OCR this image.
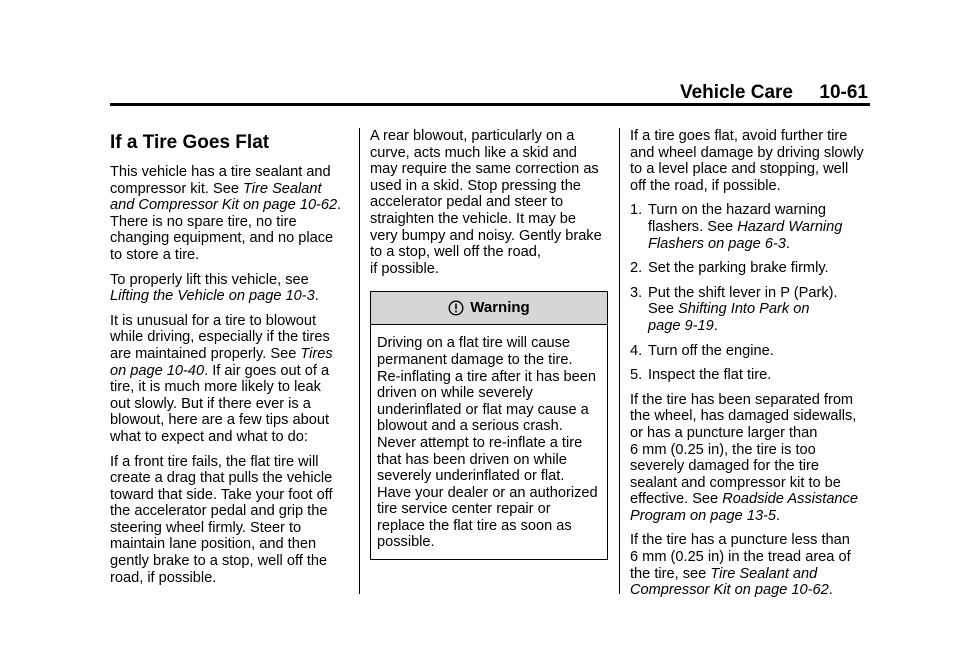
Vehicle Care 10-61
If a Tire Goes Flat

This vehicle has a tire sealant and
compressor kit. See Tire Sealant
and Compressor Kit on page 10-62.
There is no spare tire, no tire
changing equipment, and no place
to store a tire.

To properly lift this vehicle, see
Lifting the Vehicle on page 10-3.

It is unusual for a tire to blowout
while driving, especially if the tires
are maintained properly. See Tires
on page 10-40. If air goes out of a
tire, it is much more likely to leak
out slowly. But if there ever is a
blowout, here are a few tips about
what to expect and what to do:

If a front tire fails, the flat tire will
create a drag that pulls the vehicle
toward that side. Take your foot off
the accelerator pedal and grip the
steering wheel firmly. Steer to
maintain lane position, and then
gently brake to a stop, well off the
road, if possible.

A rear blowout, particularly on a
curve, acts much like a skid and
may require the same correction as
used in a skid. Stop pressing the
accelerator pedal and steer to
straighten the vehicle. It may be
very bumpy and noisy. Gently brake
to a stop, well off the road,
if possible.

Warning
Driving on a flat tire will cause
permanent damage to the tire.
Re-inflating a tire after it has been
driven on while severely
underinflated or flat may cause a
blowout and a serious crash.
Never attempt to re-inflate a tire
that has been driven on while
severely underinflated or flat.
Have your dealer or an authorized
tire service center repair or
replace the flat tire as soon as
possible.

If a tire goes flat, avoid further tire
and wheel damage by driving slowly
to a level place and stopping, well
off the road, if possible.

1. Turn on the hazard warning
flashers. See Hazard Warning
Flashers on page 6-3.
2. Set the parking brake firmly.
3. Put the shift lever in P (Park).
See Shifting Into Park on
page 9-19.
4. Turn off the engine.
5. Inspect the flat tire.

If the tire has been separated from
the wheel, has damaged sidewalls,
or has a puncture larger than
6 mm (0.25 in), the tire is too
severely damaged for the tire
sealant and compressor kit to be
effective. See Roadside Assistance
Program on page 13-5.

If the tire has a puncture less than
6 mm (0.25 in) in the tread area of
the tire, see Tire Sealant and
Compressor Kit on page 10-62.
